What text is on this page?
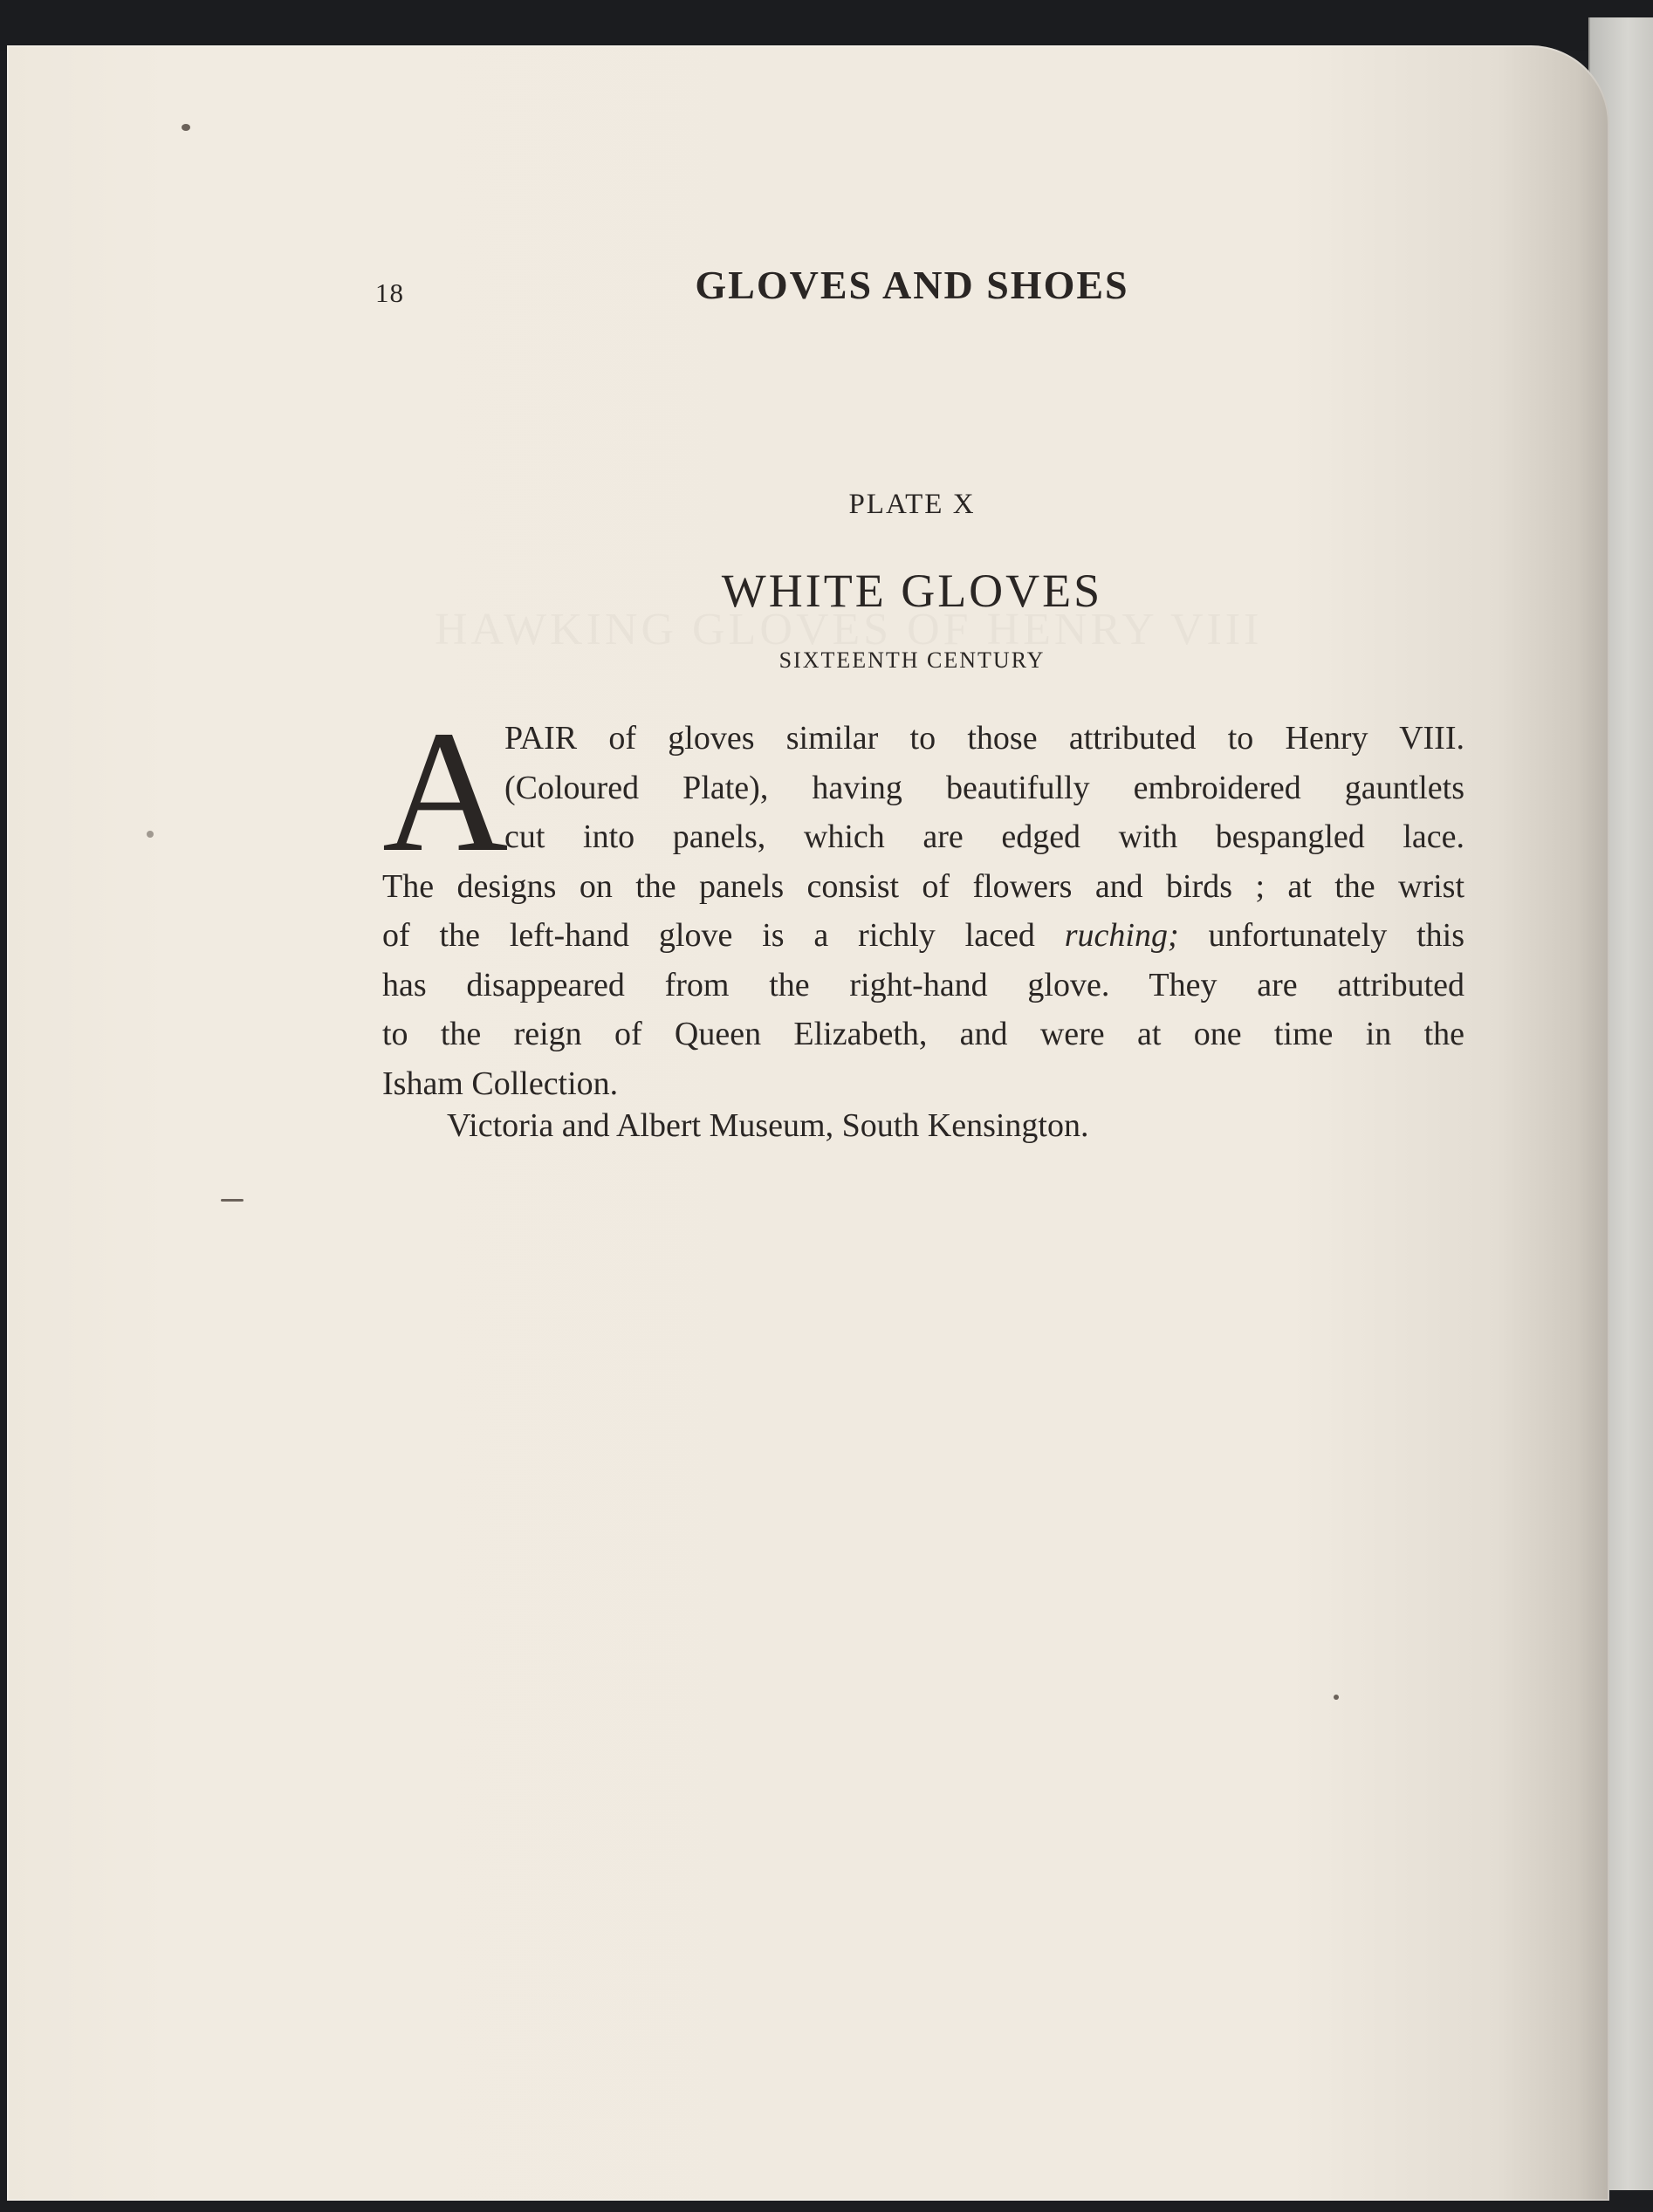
HAWKING GLOVES OF HENRY VIII
18	GLOVES AND SHOES
PLATE X
WHITE GLOVES
SIXTEENTH CENTURY
A
PAIR of gloves similar to those attributed to Henry VIII.
(Coloured Plate), having beautifully embroidered gauntlets
cut into panels, which are edged with bespangled lace.
The designs on the panels consist of flowers and birds ; at the wrist
of the left-hand glove is a richly laced ruching; unfortunately this
has disappeared from the right-hand glove. They are attributed
to the reign of Queen Elizabeth, and were at one time in the
Isham Collection.
Victoria and Albert Museum, South Kensington.
